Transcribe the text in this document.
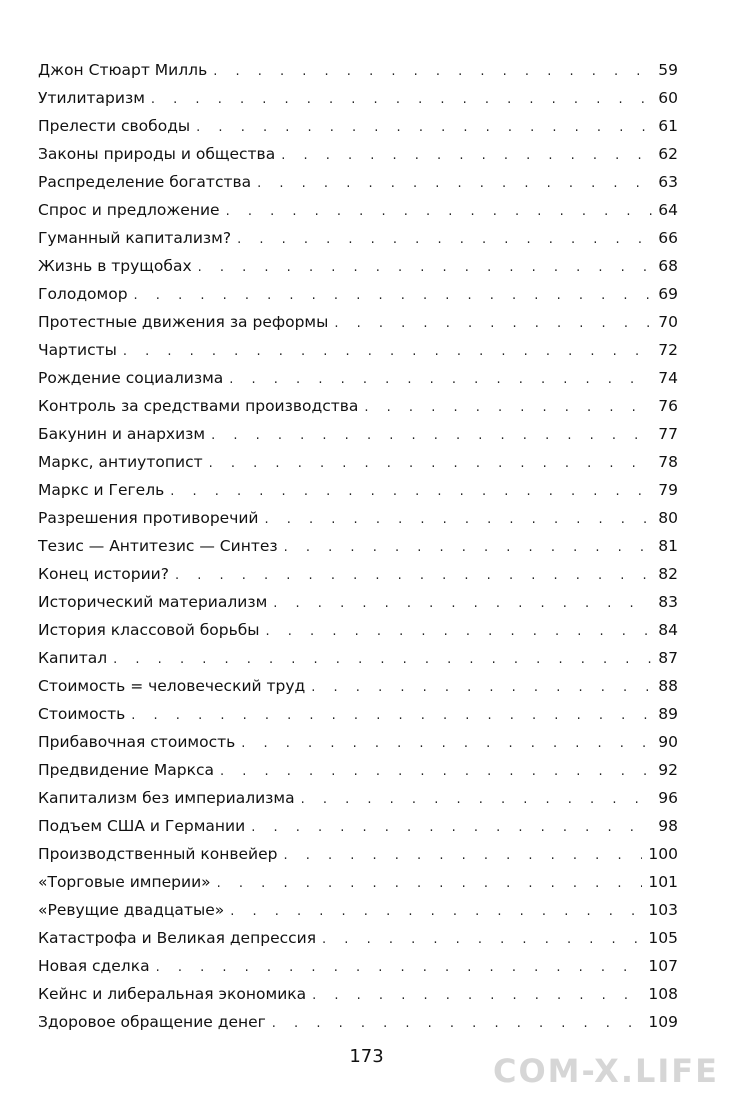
Джон Стюарт Милль . . .	59
Утилитаризм . . .	60
Прелести свободы . . .	61
Законы природы и общества . . .	62
Распределение богатства . . .	63
Спрос и предложение . . .	64
Гуманный капитализм? . . .	66
Жизнь в трущобах . . .	68
Голодомор . . .	69
Протестные движения за реформы . . .	70
Чартисты . . .	72
Рождение социализма . . .	74
Контроль за средствами производства . . .	76
Бакунин и анархизм . . .	77
Маркс, антиутопист . . .	78
Маркс и Гегель . . .	79
Разрешения противоречий . . .	80
Тезис — Антитезис — Синтез . . .	81
Конец истории? . . .	82
Исторический материализм . . .	83
История классовой борьбы . . .	84
Капитал . . .	87
Стоимость = человеческий труд . . .	88
Стоимость . . .	89
Прибавочная стоимость . . .	90
Предвидение Маркса . . .	92
Капитализм без империализма . . .	96
Подъем США и Германии . . .	98
Производственный конвейер . . .	100
«Торговые империи» . . .	101
«Ревущие двадцатые» . . .	103
Катастрофа и Великая депрессия . . .	105
Новая сделка . . .	107
Кейнс и либеральная экономика . . .	108
Здоровое обращение денег . . .	109
173	COM-X.LIFE
